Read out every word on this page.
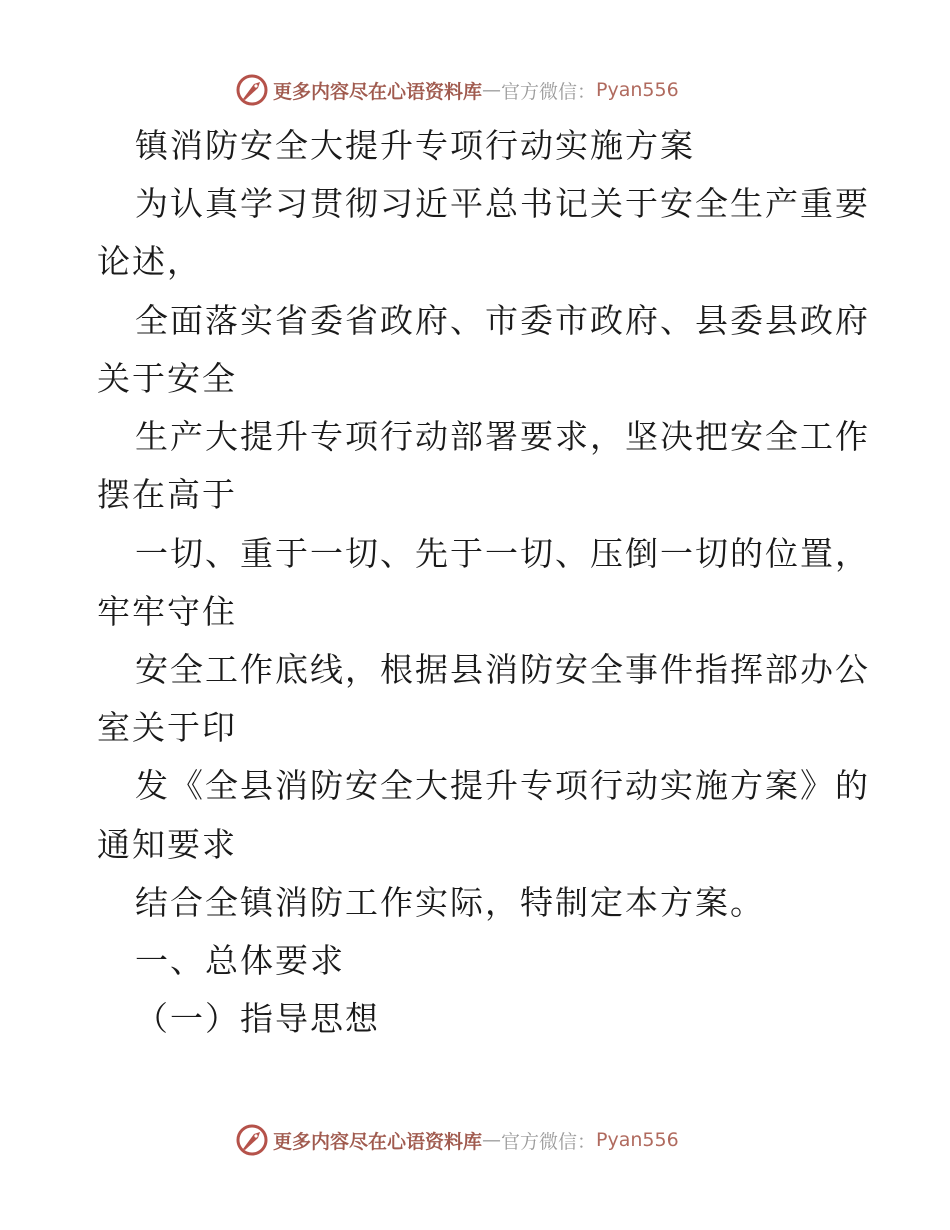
更多内容尽在心语资料库 — 官方微信： Pyan556
镇消防安全大提升专项行动实施方案
为认真学习贯彻习近平总书记关于安全生产重要
论述，
全面落实省委省政府、市委市政府、县委县政府
关于安全
生产大提升专项行动部署要求，坚决把安全工作
摆在高于
一切、重于一切、先于一切、压倒一切的位置，
牢牢守住
安全工作底线，根据县消防安全事件指挥部办公
室关于印
发《全县消防安全大提升专项行动实施方案》的
通知要求
结合全镇消防工作实际，特制定本方案。
一、总体要求
（一）指导思想
更多内容尽在心语资料库 — 官方微信： Pyan556
